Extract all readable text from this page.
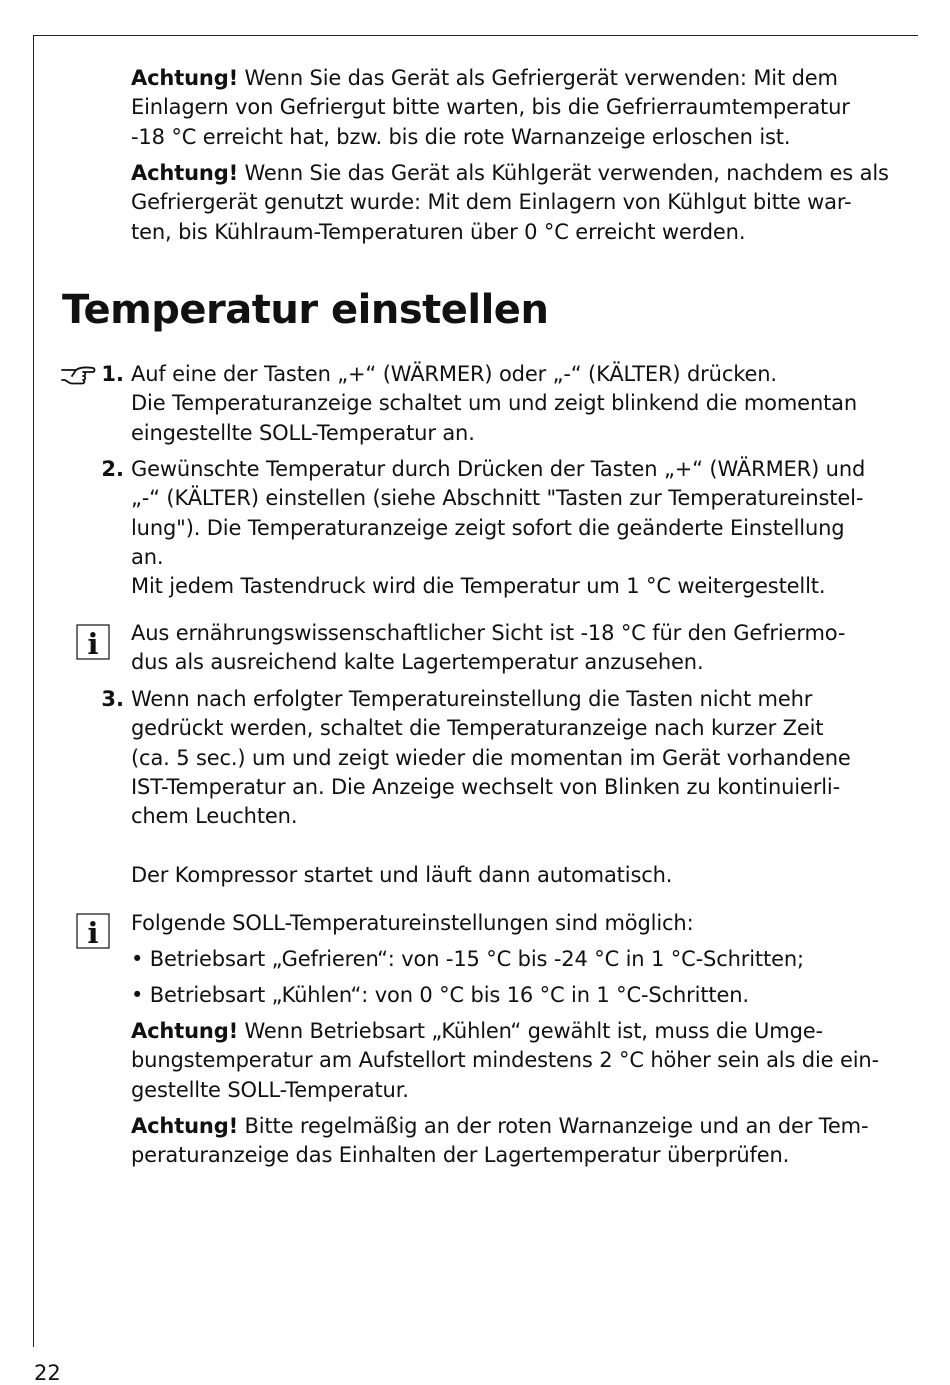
Achtung! Wenn Sie das Gerät als Gefriergerät verwenden: Mit dem

Einlagern von Gefriergut bitte warten, bis die Gefrierraumtemperatur

-18 °C erreicht hat, bzw. bis die rote Warnanzeige erloschen ist.

Achtung! Wenn Sie das Gerät als Kühlgerät verwenden, nachdem es als

Gefriergerät genutzt wurde: Mit dem Einlagern von Kühlgut bitte war-

ten, bis Kühlraum-Temperaturen über 0 °C erreicht werden.

Temperatur einstellen
1. Auf eine der Tasten „+“ (WÄRMER) oder „-“ (KÄLTER) drücken.

Die Temperaturanzeige schaltet um und zeigt blinkend die momentan

eingestellte SOLL-Temperatur an.

2. Gewünschte Temperatur durch Drücken der Tasten „+“ (WÄRMER) und

„-“ (KÄLTER) einstellen (siehe Abschnitt "Tasten zur Temperatureinstel-

lung"). Die Temperaturanzeige zeigt sofort die geänderte Einstellung

an.

Mit jedem Tastendruck wird die Temperatur um 1 °C weitergestellt.

i Aus ernährungswissenschaftlicher Sicht ist -18 °C für den Gefriermo-

dus als ausreichend kalte Lagertemperatur anzusehen.

3. Wenn nach erfolgter Temperatureinstellung die Tasten nicht mehr

gedrückt werden, schaltet die Temperaturanzeige nach kurzer Zeit

(ca. 5 sec.) um und zeigt wieder die momentan im Gerät vorhandene

IST-Temperatur an. Die Anzeige wechselt von Blinken zu kontinuierli-

chem Leuchten.

Der Kompressor startet und läuft dann automatisch.

i Folgende SOLL-Temperatureinstellungen sind möglich:

• Betriebsart „Gefrieren“: von -15 °C bis -24 °C in 1 °C-Schritten;

• Betriebsart „Kühlen“: von 0 °C bis 16 °C in 1 °C-Schritten.

Achtung! Wenn Betriebsart „Kühlen“ gewählt ist, muss die Umge-

bungstemperatur am Aufstellort mindestens 2 °C höher sein als die ein-

gestellte SOLL-Temperatur.

Achtung! Bitte regelmäßig an der roten Warnanzeige und an der Tem-

peraturanzeige das Einhalten der Lagertemperatur überprüfen.

22
